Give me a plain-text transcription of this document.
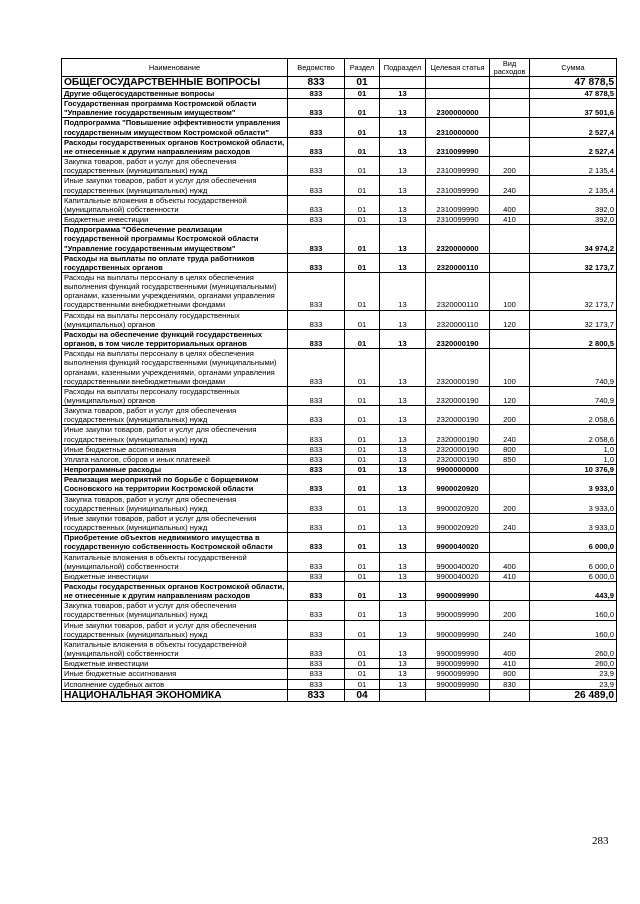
Наименование	Ведомство	Раздел	Подраздел	Целевая статья	Вид расходов	Сумма
ОБЩЕГОСУДАРСТВЕННЫЕ ВОПРОСЫ	833	01				47 878,5
Другие общегосударственные вопросы	833	01	13			47 878,5
Государственная программа Костромской области "Управление государственным имуществом"	833	01	13	2300000000		37 501,6
Подпрограмма "Повышение эффективности управления государственным имуществом Костромской области"	833	01	13	2310000000		2 527,4
Расходы государственных органов Костромской области, не отнесенные к другим направлениям расходов	833	01	13	2310099990		2 527,4
Закупка товаров, работ и услуг для обеспечения государственных (муниципальных) нужд	833	01	13	2310099990	200	2 135,4
Иные закупки товаров, работ и услуг для обеспечения государственных (муниципальных) нужд	833	01	13	2310099990	240	2 135,4
Капитальные вложения в объекты государственной (муниципальной) собственности	833	01	13	2310099990	400	392,0
Бюджетные инвестиции	833	01	13	2310099990	410	392,0
Подпрограмма "Обеспечение реализации государственной программы Костромской области "Управление государственным имуществом"	833	01	13	2320000000		34 974,2
Расходы на выплаты по оплате труда работников государственных органов	833	01	13	2320000110		32 173,7
Расходы на выплаты персоналу в целях обеспечения выполнения функций государственными (муниципальными) органами, казенными учреждениями, органами управления государственными внебюджетными фондами	833	01	13	2320000110	100	32 173,7
Расходы на выплаты персоналу государственных (муниципальных) органов	833	01	13	2320000110	120	32 173,7
Расходы на обеспечение функций государственных органов, в том числе территориальных органов	833	01	13	2320000190		2 800,5
Расходы на выплаты персоналу в целях обеспечения выполнения функций государственными (муниципальными) органами, казенными учреждениями, органами управления государственными внебюджетными фондами	833	01	13	2320000190	100	740,9
Расходы на выплаты персоналу государственных (муниципальных) органов	833	01	13	2320000190	120	740,9
Закупка товаров, работ и услуг для обеспечения государственных (муниципальных) нужд	833	01	13	2320000190	200	2 058,6
Иные закупки товаров, работ и услуг для обеспечения государственных (муниципальных) нужд	833	01	13	2320000190	240	2 058,6
Иные бюджетные ассигнования	833	01	13	2320000190	800	1,0
Уплата налогов, сборов и иных платежей	833	01	13	2320000190	850	1,0
Непрограммные расходы	833	01	13	9900000000		10 376,9
Реализация мероприятий по борьбе с борщевиком Сосновского на территории Костромской области	833	01	13	9900020920		3 933,0
Закупка товаров, работ и услуг для обеспечения государственных (муниципальных) нужд	833	01	13	9900020920	200	3 933,0
Иные закупки товаров, работ и услуг для обеспечения государственных (муниципальных) нужд	833	01	13	9900020920	240	3 933,0
Приобретение объектов недвижимого имущества в государственную собственность Костромской области	833	01	13	9900040020		6 000,0
Капитальные вложения в объекты государственной (муниципальной) собственности	833	01	13	9900040020	400	6 000,0
Бюджетные инвестиции	833	01	13	9900040020	410	6 000,0
Расходы государственных органов Костромской области, не отнесенные к другим направлениям расходов	833	01	13	9900099990		443,9
Закупка товаров, работ и услуг для обеспечения государственных (муниципальных) нужд	833	01	13	9900099990	200	160,0
Иные закупки товаров, работ и услуг для обеспечения государственных (муниципальных) нужд	833	01	13	9900099990	240	160,0
Капитальные вложения в объекты государственной (муниципальной) собственности	833	01	13	9900099990	400	260,0
Бюджетные инвестиции	833	01	13	9900099990	410	260,0
Иные бюджетные ассигнования	833	01	13	9900099990	800	23,9
Исполнение судебных актов	833	01	13	9900099990	830	23,9
НАЦИОНАЛЬНАЯ ЭКОНОМИКА	833	04				26 489,0
283
